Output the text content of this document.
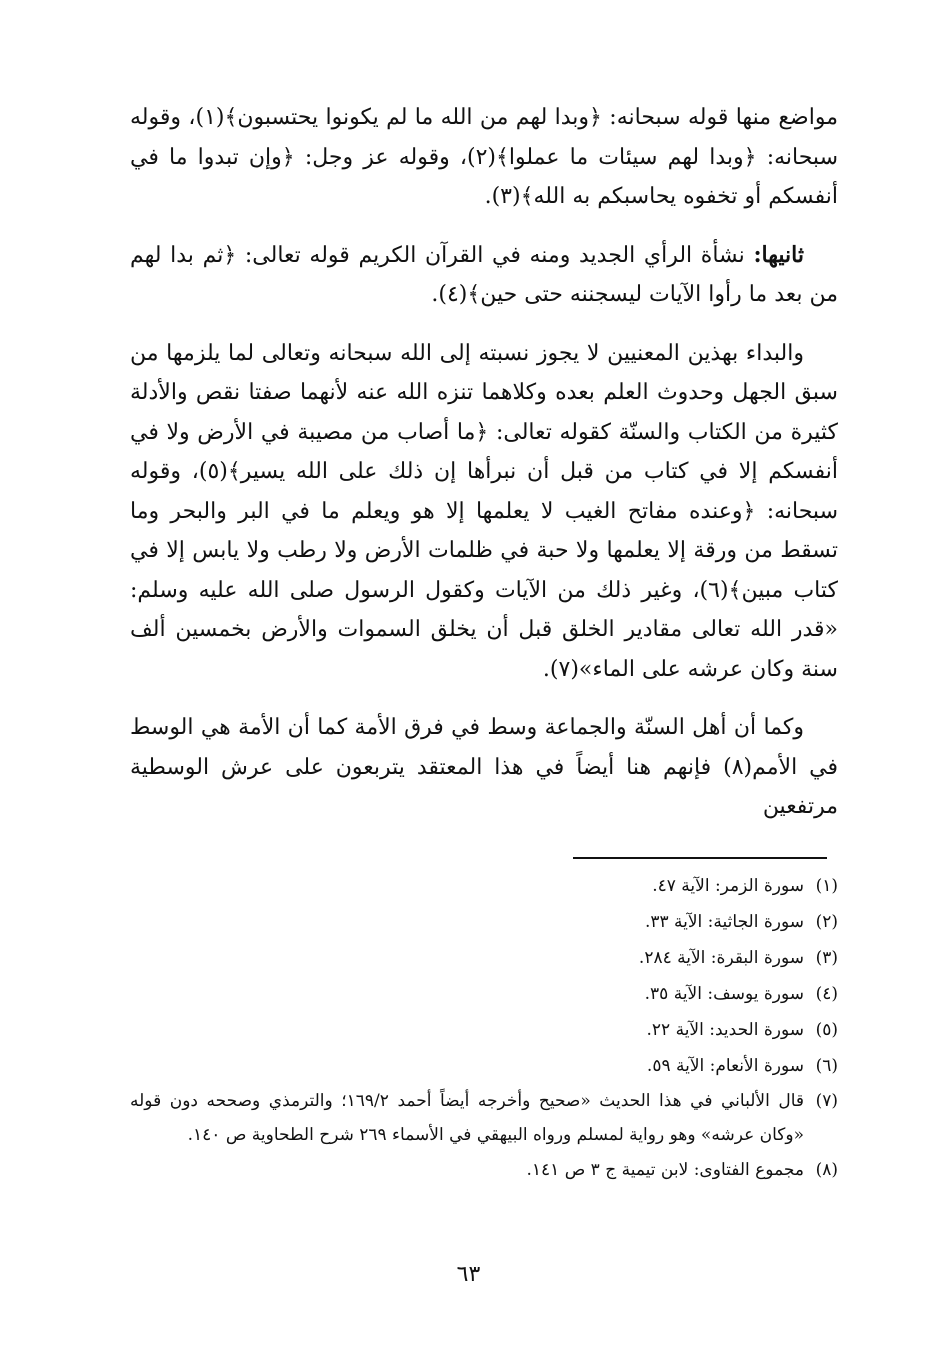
مواضع منها قوله سبحانه: ﴿وبدا لهم من الله ما لم يكونوا يحتسبون﴾(١)، وقوله سبحانه: ﴿وبدا لهم سيئات ما عملوا﴾(٢)، وقوله عز وجل: ﴿وإن تبدوا ما في أنفسكم أو تخفوه يحاسبكم به الله﴾(٣).

ثانيها: نشأة الرأي الجديد ومنه في القرآن الكريم قوله تعالى: ﴿ثم بدا لهم من بعد ما رأوا الآيات ليسجننه حتى حين﴾(٤).

والبداء بهذين المعنيين لا يجوز نسبته إلى الله سبحانه وتعالى لما يلزمها من سبق الجهل وحدوث العلم بعده وكلاهما تنزه الله عنه لأنهما صفتا نقص والأدلة كثيرة من الكتاب والسنّة كقوله تعالى: ﴿ما أصاب من مصيبة في الأرض ولا في أنفسكم إلا في كتاب من قبل أن نبرأها إن ذلك على الله يسير﴾(٥)، وقوله سبحانه: ﴿وعنده مفاتح الغيب لا يعلمها إلا هو ويعلم ما في البر والبحر وما تسقط من ورقة إلا يعلمها ولا حبة في ظلمات الأرض ولا رطب ولا يابس إلا في كتاب مبين﴾(٦)، وغير ذلك من الآيات وكقول الرسول صلى الله عليه وسلم: «قدر الله تعالى مقادير الخلق قبل أن يخلق السموات والأرض بخمسين ألف سنة وكان عرشه على الماء»(٧).

وكما أن أهل السنّة والجماعة وسط في فرق الأمة كما أن الأمة هي الوسط في الأمم(٨) فإنهم هنا أيضاً في هذا المعتقد يتربعون على عرش الوسطية مرتفعين

(١)
سورة الزمر: الآية ٤٧.
(٢)
سورة الجاثية: الآية ٣٣.
(٣)
سورة البقرة: الآية ٢٨٤.
(٤)
سورة يوسف: الآية ٣٥.
(٥)
سورة الحديد: الآية ٢٢.
(٦)
سورة الأنعام: الآية ٥٩.
(٧)
قال الألباني في هذا الحديث «صحيح وأخرجه أيضاً أحمد ١٦٩/٢؛ والترمذي وصححه دون قوله «وكان عرشه» وهو رواية لمسلم ورواه البيهقي في الأسماء ٢٦٩ شرح الطحاوية ص ١٤٠.
(٨)
مجموع الفتاوى: لابن تيمية ج ٣ ص ١٤١.
٦٣
